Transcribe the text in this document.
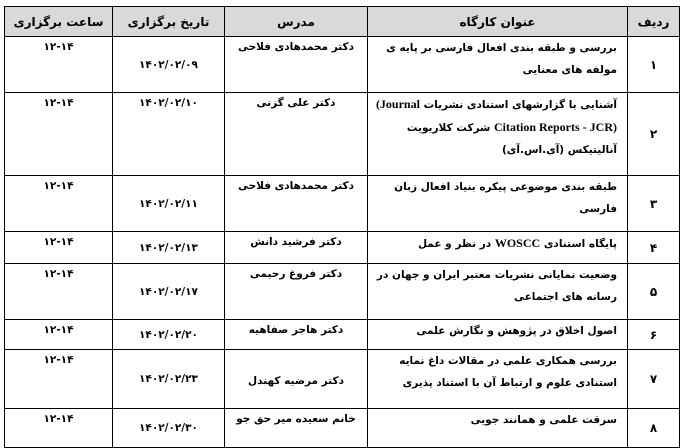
ردیف	عنوان کارگاه	مدرس	تاریخ برگزاری	ساعت برگزاری
۱	بررسی و طبقه بندی افعال فارسی بر پایه ی مولفه های معنایی	دکتر محمدهادی فلاحی	۱۴۰۲/۰۲/۰۹	۱۲-۱۴
۲	آشنایی با گزارشهای استنادی نشریات (Journal Citation Reports - JCR) شرکت کلاریویت آنالیتیکس (آی.اس.آی)	دکتر علی گزنی	۱۴۰۲/۰۲/۱۰	۱۲-۱۴
۳	طبقه بندی موضوعی پیکره بنیاد افعال زبان فارسی	دکتر محمدهادی فلاحی	۱۴۰۲/۰۲/۱۱	۱۲-۱۴
۴	پایگاه استنادی WOSCC در نظر و عمل	دکتر فرشید دانش	۱۴۰۲/۰۲/۱۳	۱۲-۱۴
۵	وضعیت نمایانی نشریات معتبر ایران و جهان در رسانه های اجتماعی	دکتر فروغ رحیمی	۱۴۰۲/۰۲/۱۷	۱۲-۱۴
۶	اصول اخلاق در پژوهش و نگارش علمی	دکتر هاجر صفاهیه	۱۴۰۲/۰۲/۲۰	۱۲-۱۴
۷	بررسی همکاری علمی در مقالات داغ نمایه استنادی علوم و ارتباط آن با استناد پذیری	دکتر مرضیه کهندل	۱۴۰۲/۰۲/۲۳	۱۲-۱۴
۸	سرقت علمی و همانند جویی	خانم سعیده میر حق جو	۱۴۰۲/۰۲/۳۰	۱۲-۱۴
